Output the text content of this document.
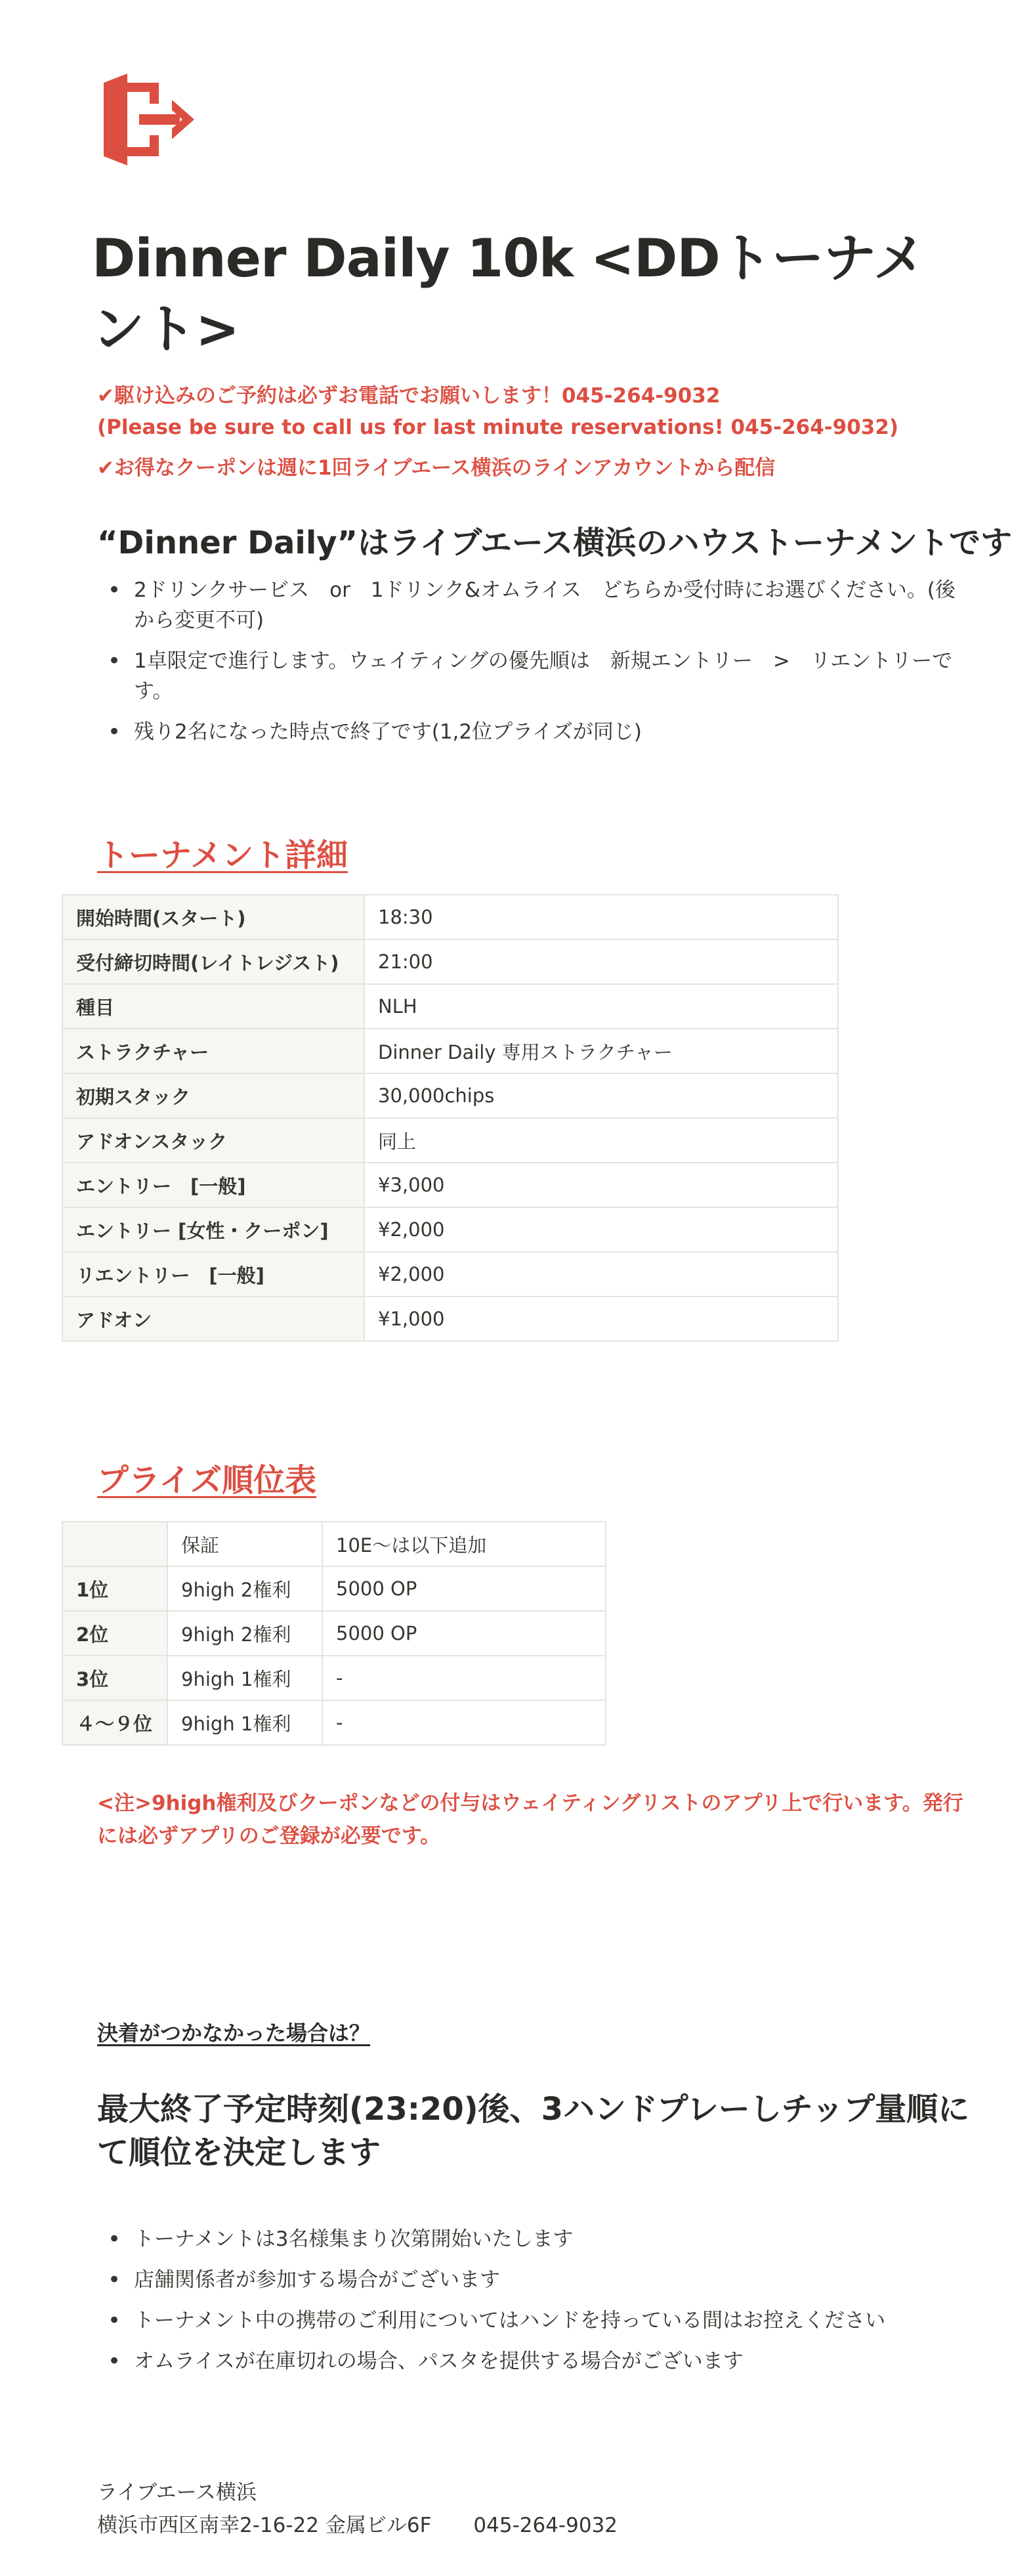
Dinner Daily 10k <DDトーナメント>

✔駆け込みのご予約は必ずお電話でお願いします！045-264-9032

(Please be sure to call us for last minute reservations! 045-264-9032)

✔お得なクーポンは週に1回ライブエース横浜のラインアカウントから配信

“Dinner Daily”はライブエース横浜のハウストーナメントです
• 2ドリンクサービス　or　1ドリンク&オムライス　どちらか受付時にお選びください。(後から変更不可)
• 1卓限定で進行します。ウェイティングの優先順は　新規エントリー　>　リエントリーです。
• 残り2名になった時点で終了です(1,2位プライズが同じ)
トーナメント詳細
開始時間(スタート)	18:30
受付締切時間(レイトレジスト)	21:00
種目	NLH
ストラクチャー	Dinner Daily 専用ストラクチャー
初期スタック	30,000chips
アドオンスタック	同上
エントリー　[一般]	¥3,000
エントリー [女性・クーポン]	¥2,000
リエントリー　[一般]	¥2,000
アドオン	¥1,000
プライズ順位表
	保証	10E～は以下追加
1位	9high 2権利	5000 OP
2位	9high 2権利	5000 OP
3位	9high 1権利	-
４～９位	9high 1権利	-

<注>9high権利及びクーポンなどの付与はウェイティングリストのアプリ上で行います。発行には必ずアプリのご登録が必要です。

決着がつかなかった場合は？

最大終了予定時刻(23:20)後、3ハンドプレーしチップ量順にて順位を決定します
• トーナメントは3名様集まり次第開始いたします
• 店舗関係者が参加する場合がございます
• トーナメント中の携帯のご利用についてはハンドを持っている間はお控えください
• オムライスが在庫切れの場合、パスタを提供する場合がございます
ライブエース横浜
横浜市西区南幸2-16-22 金属ビル6F 045-264-9032
